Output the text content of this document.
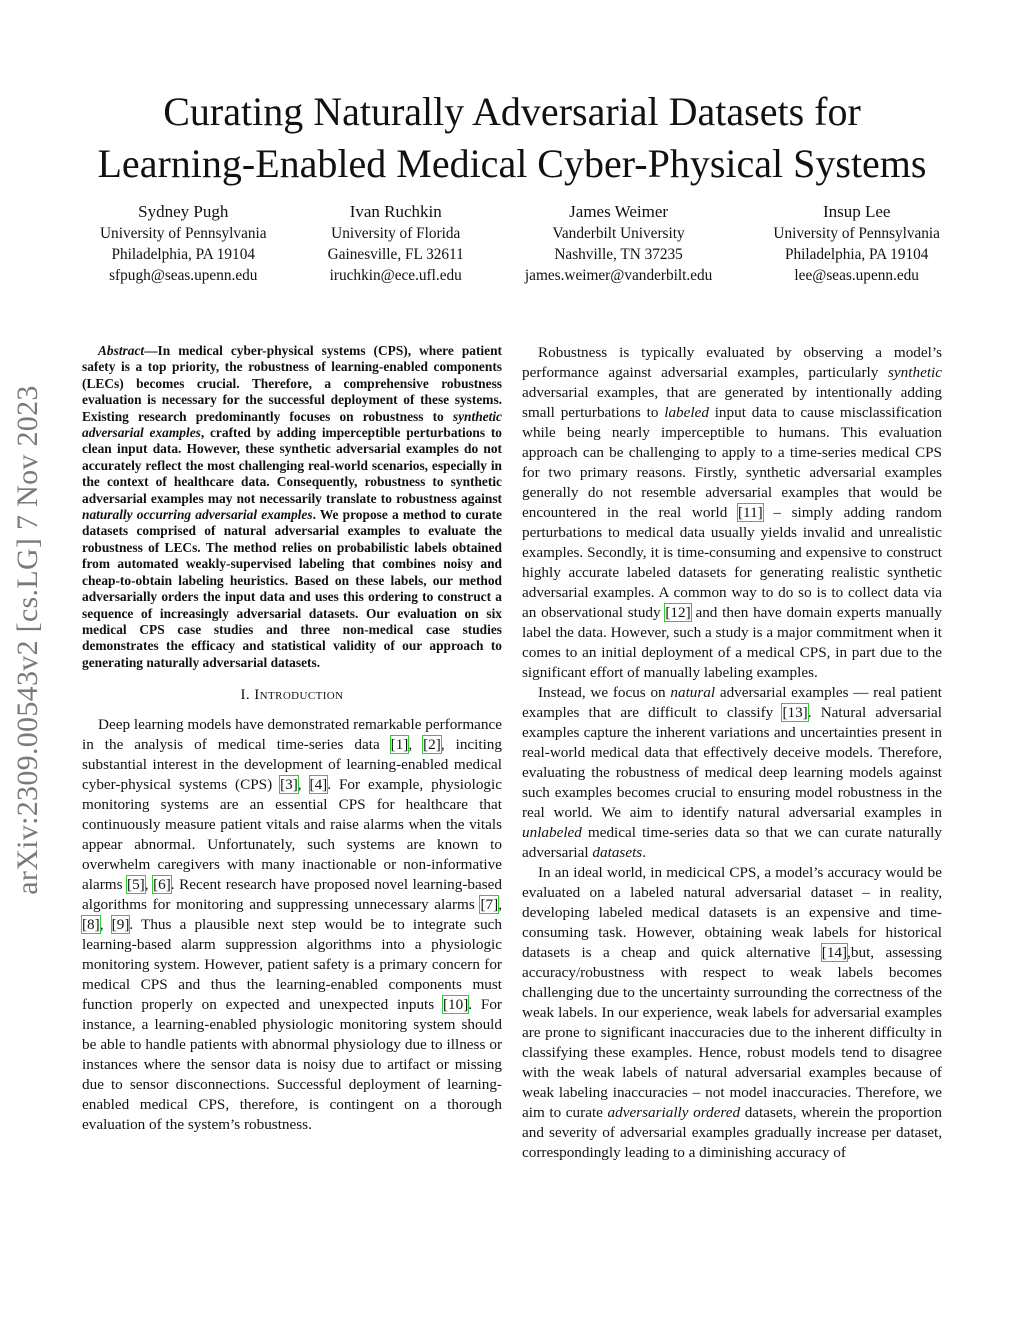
arXiv:2309.00543v2 [cs.LG] 7 Nov 2023
Curating Naturally Adversarial Datasets for
Learning-Enabled Medical Cyber-Physical Systems
Sydney Pugh
University of Pennsylvania
Philadelphia, PA 19104
sfpugh@seas.upenn.edu
Ivan Ruchkin
University of Florida
Gainesville, FL 32611
iruchkin@ece.ufl.edu
James Weimer
Vanderbilt University
Nashville, TN 37235
james.weimer@vanderbilt.edu
Insup Lee
University of Pennsylvania
Philadelphia, PA 19104
lee@seas.upenn.edu

Abstract—In medical cyber-physical systems (CPS), where patient safety is a top priority, the robustness of learning-enabled components (LECs) becomes crucial. Therefore, a comprehensive robustness evaluation is necessary for the successful deployment of these systems. Existing research predominantly focuses on robustness to synthetic adversarial examples, crafted by adding imperceptible perturbations to clean input data. However, these synthetic adversarial examples do not accurately reflect the most challenging real-world scenarios, especially in the context of healthcare data. Consequently, robustness to synthetic adversarial examples may not necessarily translate to robustness against naturally occurring adversarial examples. We propose a method to curate datasets comprised of natural adversarial examples to evaluate the robustness of LECs. The method relies on probabilistic labels obtained from automated weakly-supervised labeling that combines noisy and cheap-to-obtain labeling heuristics. Based on these labels, our method adversarially orders the input data and uses this ordering to construct a sequence of increasingly adversarial datasets. Our evaluation on six medical CPS case studies and three non-medical case studies demonstrates the efficacy and statistical validity of our approach to generating naturally adversarial datasets.

I. Introduction

Deep learning models have demonstrated remarkable performance in the analysis of medical time-series data [1], [2], inciting substantial interest in the development of learning-enabled medical cyber-physical systems (CPS) [3], [4]. For example, physiologic monitoring systems are an essential CPS for healthcare that continuously measure patient vitals and raise alarms when the vitals appear abnormal. Unfortunately, such systems are known to overwhelm caregivers with many inactionable or non-informative alarms [5], [6]. Recent research have proposed novel learning-based algorithms for monitoring and suppressing unnecessary alarms [7], [8], [9]. Thus a plausible next step would be to integrate such learning-based alarm suppression algorithms into a physiologic monitoring system. However, patient safety is a primary concern for medical CPS and thus the learning-enabled components must function properly on expected and unexpected inputs [10]. For instance, a learning-enabled physiologic monitoring system should be able to handle patients with abnormal physiology due to illness or instances where the sensor data is noisy due to artifact or missing due to sensor disconnections. Successful deployment of learning-enabled medical CPS, therefore, is contingent on a thorough evaluation of the system’s robustness.

Robustness is typically evaluated by observing a model’s performance against adversarial examples, particularly synthetic adversarial examples, that are generated by intentionally adding small perturbations to labeled input data to cause misclassification while being nearly imperceptible to humans. This evaluation approach can be challenging to apply to a time-series medical CPS for two primary reasons. Firstly, synthetic adversarial examples generally do not resemble adversarial examples that would be encountered in the real world [11] – simply adding random perturbations to medical data usually yields invalid and unrealistic examples. Secondly, it is time-consuming and expensive to construct highly accurate labeled datasets for generating realistic synthetic adversarial examples. A common way to do so is to collect data via an observational study [12] and then have domain experts manually label the data. However, such a study is a major commitment when it comes to an initial deployment of a medical CPS, in part due to the significant effort of manually labeling examples.

Instead, we focus on natural adversarial examples — real patient examples that are difficult to classify [13]. Natural adversarial examples capture the inherent variations and uncertainties present in real-world medical data that effectively deceive models. Therefore, evaluating the robustness of medical deep learning models against such examples becomes crucial to ensuring model robustness in the real world. We aim to identify natural adversarial examples in unlabeled medical time-series data so that we can curate naturally adversarial datasets.

In an ideal world, in medicical CPS, a model’s accuracy would be evaluated on a labeled natural adversarial dataset – in reality, developing labeled medical datasets is an expensive and time-consuming task. However, obtaining weak labels for historical datasets is a cheap and quick alternative [14],but, assessing accuracy/robustness with respect to weak labels becomes challenging due to the uncertainty surrounding the correctness of the weak labels. In our experience, weak labels for adversarial examples are prone to significant inaccuracies due to the inherent difficulty in classifying these examples. Hence, robust models tend to disagree with the weak labels of natural adversarial examples because of weak labeling inaccuracies – not model inaccuracies. Therefore, we aim to curate adversarially ordered datasets, wherein the proportion and severity of adversarial examples gradually increase per dataset, correspondingly leading to a diminishing accuracy of
